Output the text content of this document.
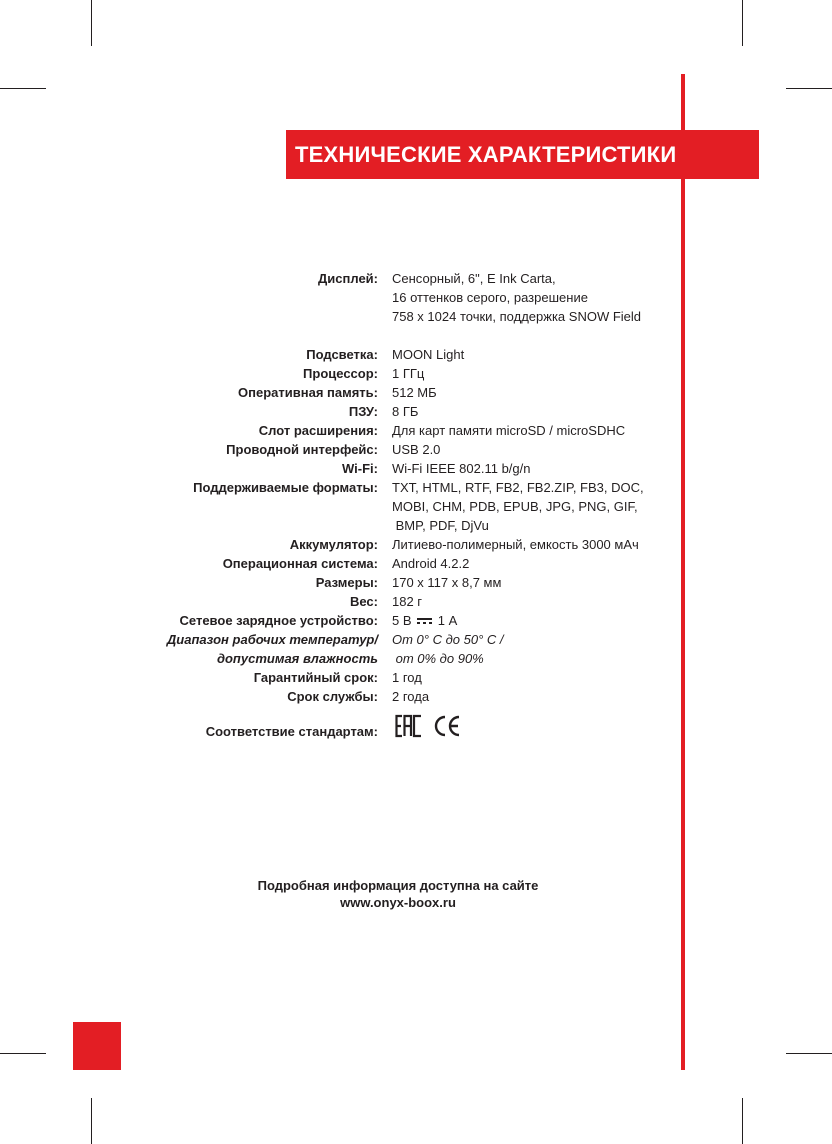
ТЕХНИЧЕСКИЕ ХАРАКТЕРИСТИКИ
Дисплей: Сенсорный, 6", E Ink Carta,
16 оттенков серого, разрешение
758 x 1024 точки, поддержка SNOW Field
Подсветка: MOON Light
Процессор: 1 ГГц
Оперативная память: 512 МБ
ПЗУ: 8 ГБ
Слот расширения: Для карт памяти microSD / microSDHC
Проводной интерфейс: USB 2.0
Wi-Fi: Wi-Fi IEEE 802.11 b/g/n
Поддерживаемые форматы: TXT, HTML, RTF, FB2, FB2.ZIP, FB3, DOC,
MOBI, CHM, PDB, EPUB, JPG, PNG, GIF,
BMP, PDF, DjVu
Аккумулятор: Литиево-полимерный, емкость 3000 мАч
Операционная система: Android 4.2.2
Размеры: 170 x 117 x 8,7 мм
Вес: 182 г
Сетевое зарядное устройство: 5 В 1 А
Диапазон рабочих температур/ От 0° С до 50° С /
допустимая влажность от 0% до 90%
Гарантийный срок: 1 год
Срок службы: 2 года
Соответствие стандартам:
Подробная информация доступна на сайте
www.onyx-boox.ru
